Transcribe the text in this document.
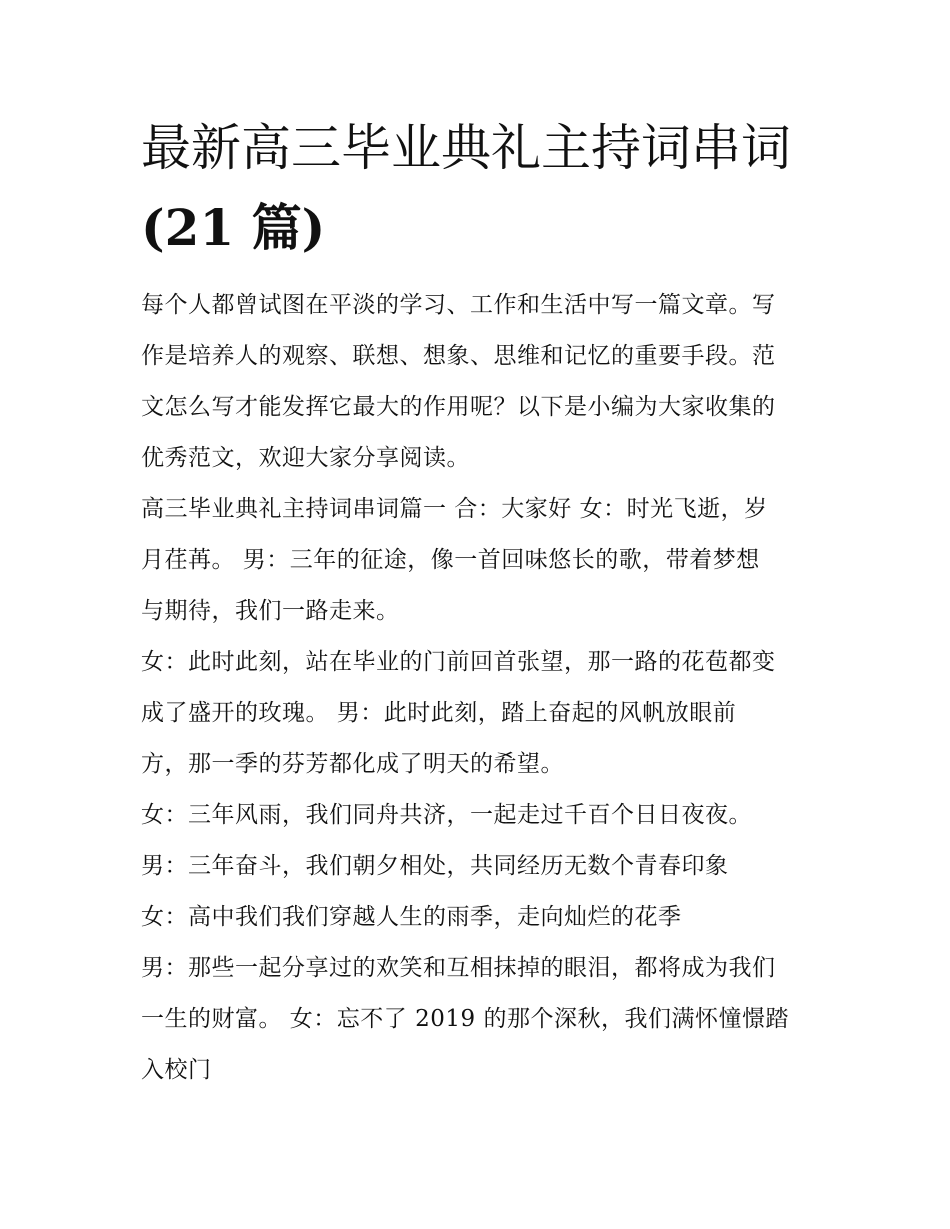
最新高三毕业典礼主持词串词
(21 篇)

每个人都曾试图在平淡的学习、工作和生活中写一篇文章。写
作是培养人的观察、联想、想象、思维和记忆的重要手段。范
文怎么写才能发挥它最大的作用呢？以下是小编为大家收集的
优秀范文，欢迎大家分享阅读。

高三毕业典礼主持词串词篇一 合：大家好 女：时光飞逝，岁
月荏苒。 男：三年的征途，像一首回味悠长的歌，带着梦想
与期待，我们一路走来。

女：此时此刻，站在毕业的门前回首张望，那一路的花苞都变
成了盛开的玫瑰。 男：此时此刻，踏上奋起的风帆放眼前
方，那一季的芬芳都化成了明天的希望。

女：三年风雨，我们同舟共济，一起走过千百个日日夜夜。

男：三年奋斗，我们朝夕相处，共同经历无数个青春印象

女：高中我们我们穿越人生的雨季，走向灿烂的花季

男：那些一起分享过的欢笑和互相抹掉的眼泪，都将成为我们
一生的财富。 女：忘不了 2019 的那个深秋，我们满怀憧憬踏
入校门
